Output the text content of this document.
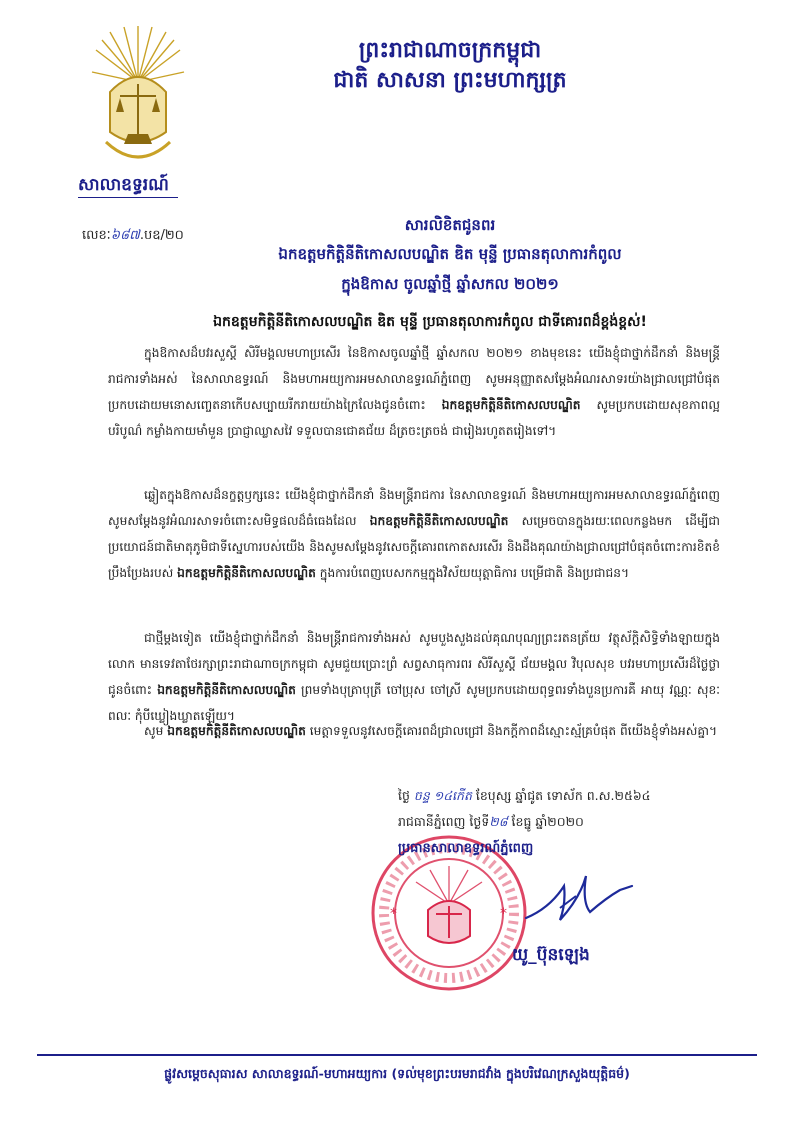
ព្រះរាជាណាចក្រកម្ពុជា
ជាតិ សាសនា ព្រះមហាក្សត្រ
សាលាឧទ្ធរណ៍
លេខៈ៦៨៧.បឧ/២០
សារលិខិតជូនពរ
ឯកឧត្តមកិត្តិនីតិកោសលបណ្ឌិត ឌិត មុន្ទី ប្រធានតុលាការកំពូល
ក្នុងឱកាស ចូលឆ្នាំថ្មី ឆ្នាំសកល ២០២១
ឯកឧត្តមកិត្តិនីតិកោសលបណ្ឌិត ឌិត មុន្ទី ប្រធានតុលាការកំពូល ជាទីគោរពដ៏ខ្ពង់ខ្ពស់!
ក្នុងឱកាសដ៏បវរសួស្តី សិរីមង្គលមហាប្រសើរ នៃឱកាសចូលឆ្នាំថ្មី ឆ្នាំសកល ២០២១ ខាងមុខនេះ យើងខ្ញុំជាថ្នាក់ដឹកនាំ និងមន្ត្រីរាជការទាំងអស់ នៃសាលាឧទ្ធរណ៍ និងមហាអយ្យការអមសាលាឧទ្ធរណ៍ភ្នំពេញ សូមអនុញ្ញាតសម្តែងអំណរសាទរយ៉ាងជ្រាលជ្រៅបំផុត ប្រកបដោយមនោសញ្ចេតនាកើបសប្បាយរីករាយយ៉ាងក្រៃលែងជូនចំពោះ ឯកឧត្តមកិត្តិនីតិកោសលបណ្ឌិត សូមប្រកបដោយសុខភាពល្អបរិបូណ៌ កម្លាំងកាយមាំមួន ប្រាជ្ញាឈ្លាសវៃ ទទួលបានជោគជ័យ ដ៏ត្រចះត្រចង់ ជារៀងរហូតតរៀងទៅ។
ឆ្លៀតក្នុងឱកាសដ៏នក្ខត្តឫក្សនេះ យើងខ្ញុំជាថ្នាក់ដឹកនាំ និងមន្ត្រីរាជការ នៃសាលាឧទ្ធរណ៍ និងមហាអយ្យការអមសាលាឧទ្ធរណ៍ភ្នំពេញ សូមសម្តែងនូវអំណរសាទរចំពោះសមិទ្ធផលដ៏ធំធេងដែល ឯកឧត្តមកិត្តិនីតិកោសលបណ្ឌិត សម្រេចបានក្នុងរយៈពេលកន្លងមក ដើម្បីជាប្រយោជន៍ជាតិមាតុភូមិជាទីស្នេហារបស់យើង និងសូមសម្តែងនូវសេចក្តីគោរពកោតសរសើរ និងដឹងគុណយ៉ាងជ្រាលជ្រៅបំផុតចំពោះការខិតខំប្រឹងប្រែងរបស់ ឯកឧត្តមកិត្តិនីតិកោសលបណ្ឌិត ក្នុងការបំពេញបេសកកម្មក្នុងវិស័យយុត្តាធិការ បម្រើជាតិ និងប្រជាជន។
ជាថ្មីម្តងទៀត យើងខ្ញុំជាថ្នាក់ដឹកនាំ និងមន្ត្រីរាជការទាំងអស់ សូមបួងសួងដល់គុណបុណ្យព្រះរតនត្រ័យ វត្ថុស័ក្តិសិទ្ធិទាំងឡាយក្នុងលោក មានទេវតាថែរក្សាព្រះរាជាណាចក្រកម្ពុជា សូមជួយប្រោះព្រំ សព្វសាធុការពរ សិរីសួស្តី ជ័យមង្គល វិបុលសុខ បវរមហាប្រសើរដ៏ថ្លៃថ្លា ជូនចំពោះ ឯកឧត្តមកិត្តិនីតិកោសលបណ្ឌិត ព្រមទាំងបុត្រាបុត្រី ចៅប្រុស ចៅស្រី សូមប្រកបដោយពុទ្ធពរទាំងបួនប្រការគឺ អាយុ វណ្ណៈ សុខៈ ពលៈ កុំបីឃ្លៀងឃ្លាតឡើយ។
សូម ឯកឧត្តមកិត្តិនីតិកោសលបណ្ឌិត មេត្តាទទួលនូវសេចក្តីគោរពដ៏ជ្រាលជ្រៅ និងកក្តីកាពដ៏ស្មោះស្ម័គ្របំផុត ពីយើងខ្ញុំទាំងអស់គ្នា។
ថ្ងៃ ចន្ទ ១៤កើត ខែបុស្ស ឆ្នាំជូត ទោស័ក ព.ស.២៥៦៤
រាជធានីភ្នំពេញ ថ្ងៃទី២៨ ខែធ្នូ ឆ្នាំ២០២០
*	*
ប្រធានសាលាឧទ្ធរណ៍ភ្នំពេញ
យូ_ប៊ុនឡេង
ផ្លូវសម្តេចសុធារស សាលាឧទ្ធរណ៍-មហាអយ្យការ (ទល់មុខព្រះបរមរាជវាំង ក្នុងបរិវេណក្រសួងយុត្តិធម៌)
